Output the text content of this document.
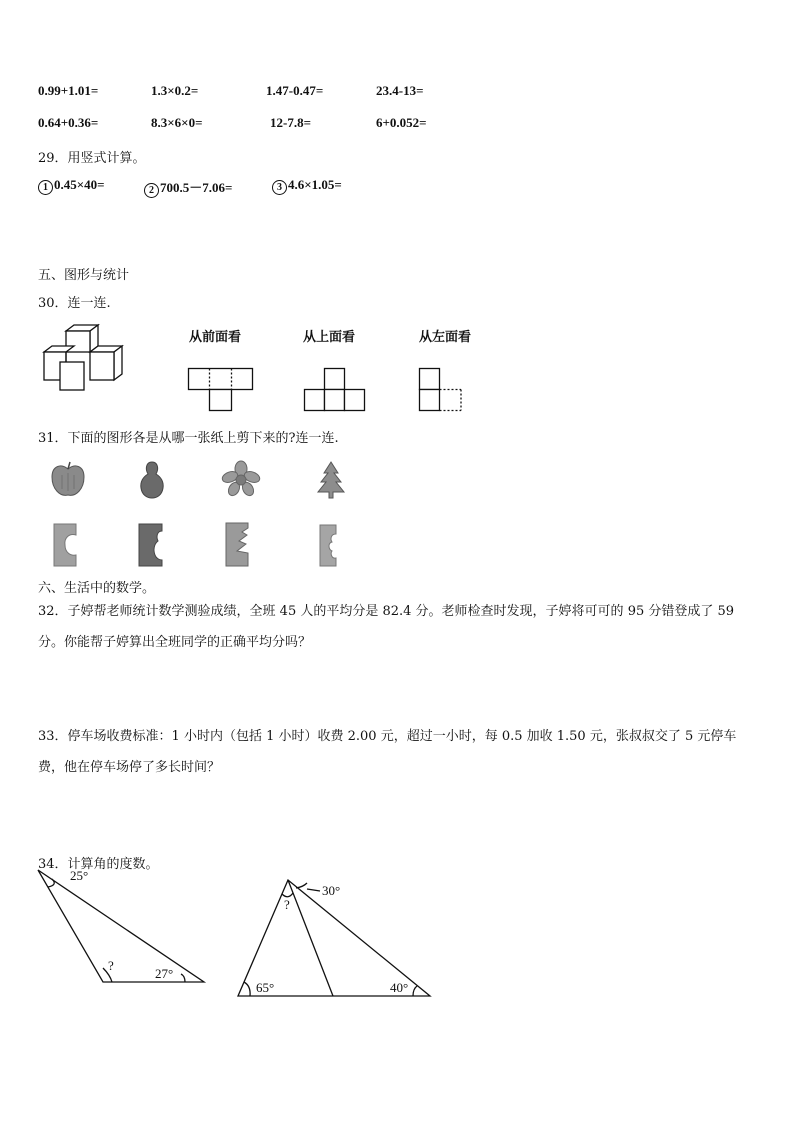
0.99+1.01=	1.3×0.2=	1.47-0.47=	23.4-13=
0.64+0.36=	8.3×6×0=	12-7.8=	6+0.052=
29．用竖式计算。
1 0.45×40=	2 700.5－7.06=	3 4.6×1.05=
五、图形与统计
30．连一连.
从前面看	从上面看	从左面看
31．下面的图形各是从哪一张纸上剪下来的?连一连.
六、生活中的数学。
32．子婷帮老师统计数学测验成绩，全班 45 人的平均分是 82.4 分。老师检查时发现，子婷将可可的 95 分错登成了 59
分。你能帮子婷算出全班同学的正确平均分吗？
33．停车场收费标准：1 小时内（包括 1 小时）收费 2.00 元，超过一小时，每 0.5 加收 1.50 元，张叔叔交了 5 元停车
费，他在停车场停了多长时间？
34．计算角的度数。
25°
?
27°
30°
?
65°	40°
